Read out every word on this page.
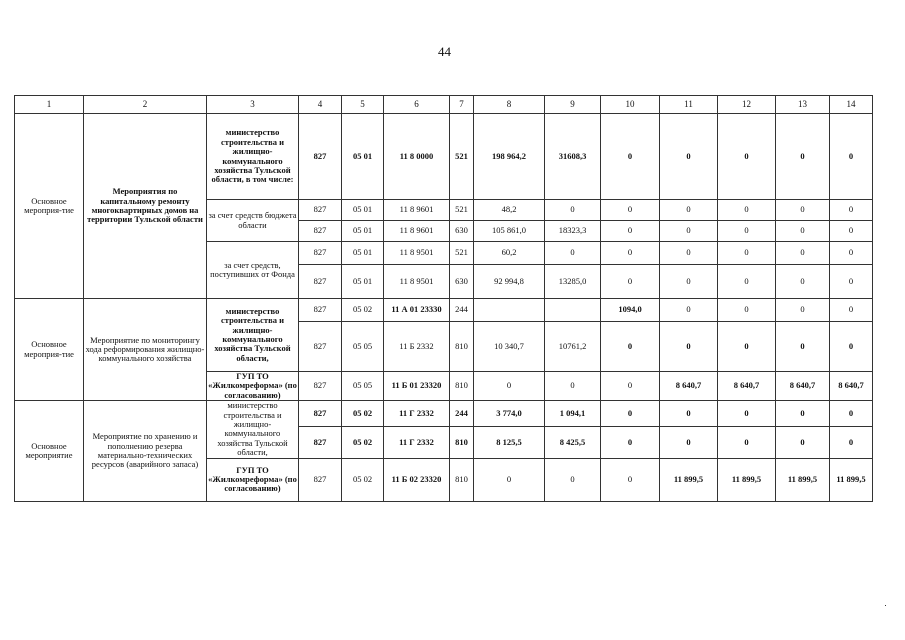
44
1	2	3	4	5	6	7	8	9	10	11	12	13	14
Основное мероприя-тие	Мероприятия по капитальному ремонту многоквартирных домов на территории Тульской области	министерство строительства и жилищно-коммунального хозяйства Тульской области, в том числе:	827	05 01	11 8 0000	521	198 964,2	31608,3	0	0	0	0	0
		за счет средств бюджета области	827	05 01	11 8 9601	521	48,2	0	0	0	0	0	0
			827	05 01	11 8 9601	630	105 861,0	18323,3	0	0	0	0	0
		за счет средств, поступивших от Фонда	827	05 01	11 8 9501	521	60,2	0	0	0	0	0	0
			827	05 01	11 8 9501	630	92 994,8	13285,0	0	0	0	0	0
Основное мероприя-тие	Мероприятие по мониторингу хода реформирования жилищно-коммунального хозяйства	министерство строительства и жилищно-коммунального хозяйства Тульской области,	827	05 02	11 А 01 23330	244			1094,0	0	0	0	0
			827	05 05	11 Б 2332	810	10 340,7	10761,2	0	0	0	0	0
		ГУП ТО «Жилкомреформа» (по согласованию)	827	05 05	11 Б 01 23320	810	0	0	0	8 640,7	8 640,7	8 640,7	8 640,7
Основное мероприятие	Мероприятие по хранению и пополнению резерва материально-технических ресурсов (аварийного запаса)	министерство строительства и жилищно-коммунального хозяйства Тульской области,	827	05 02	11 Г 2332	244	3 774,0	1 094,1	0	0	0	0	0
			827	05 02	11 Г 2332	810	8 125,5	8 425,5	0	0	0	0	0
		ГУП ТО «Жилкомреформа» (по согласованию)	827	05 02	11 Б 02 23320	810	0	0	0	11 899,5	11 899,5	11 899,5	11 899,5
